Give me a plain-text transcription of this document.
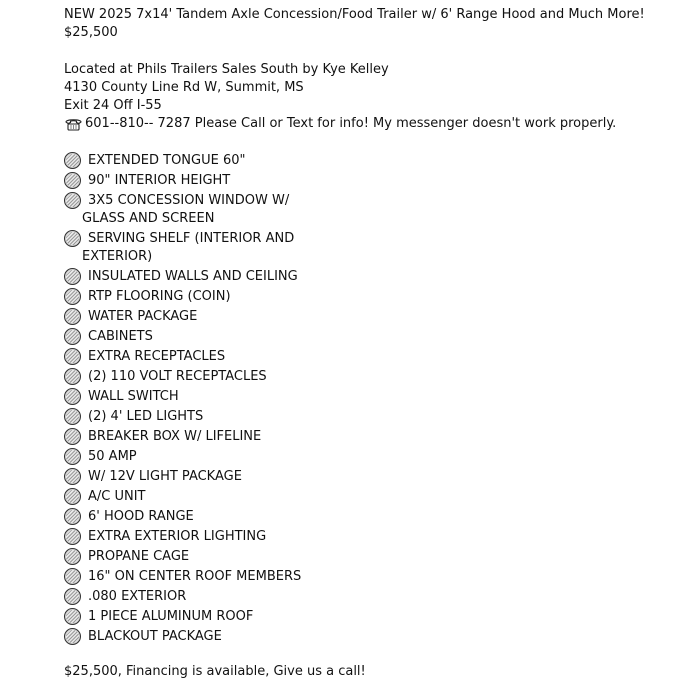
NEW 2025 7x14' Tandem Axle Concession/Food Trailer w/ 6' Range Hood and Much More!
$25,500
Located at Phils Trailers Sales South by Kye Kelley
4130 County Line Rd W, Summit, MS
Exit 24 Off I-55
601--810-- 7287 Please Call or Text for info! My messenger doesn't work properly.
EXTENDED TONGUE 60"
90" INTERIOR HEIGHT
3X5 CONCESSION WINDOW W/
GLASS AND SCREEN
SERVING SHELF (INTERIOR AND
EXTERIOR)
INSULATED WALLS AND CEILING
RTP FLOORING (COIN)
WATER PACKAGE
CABINETS
EXTRA RECEPTACLES
(2) 110 VOLT RECEPTACLES
WALL SWITCH
(2) 4' LED LIGHTS
BREAKER BOX W/ LIFELINE
50 AMP
W/ 12V LIGHT PACKAGE
A/C UNIT
6' HOOD RANGE
EXTRA EXTERIOR LIGHTING
PROPANE CAGE
16" ON CENTER ROOF MEMBERS
.080 EXTERIOR
1 PIECE ALUMINUM ROOF
BLACKOUT PACKAGE
$25,500, Financing is available, Give us a call!
